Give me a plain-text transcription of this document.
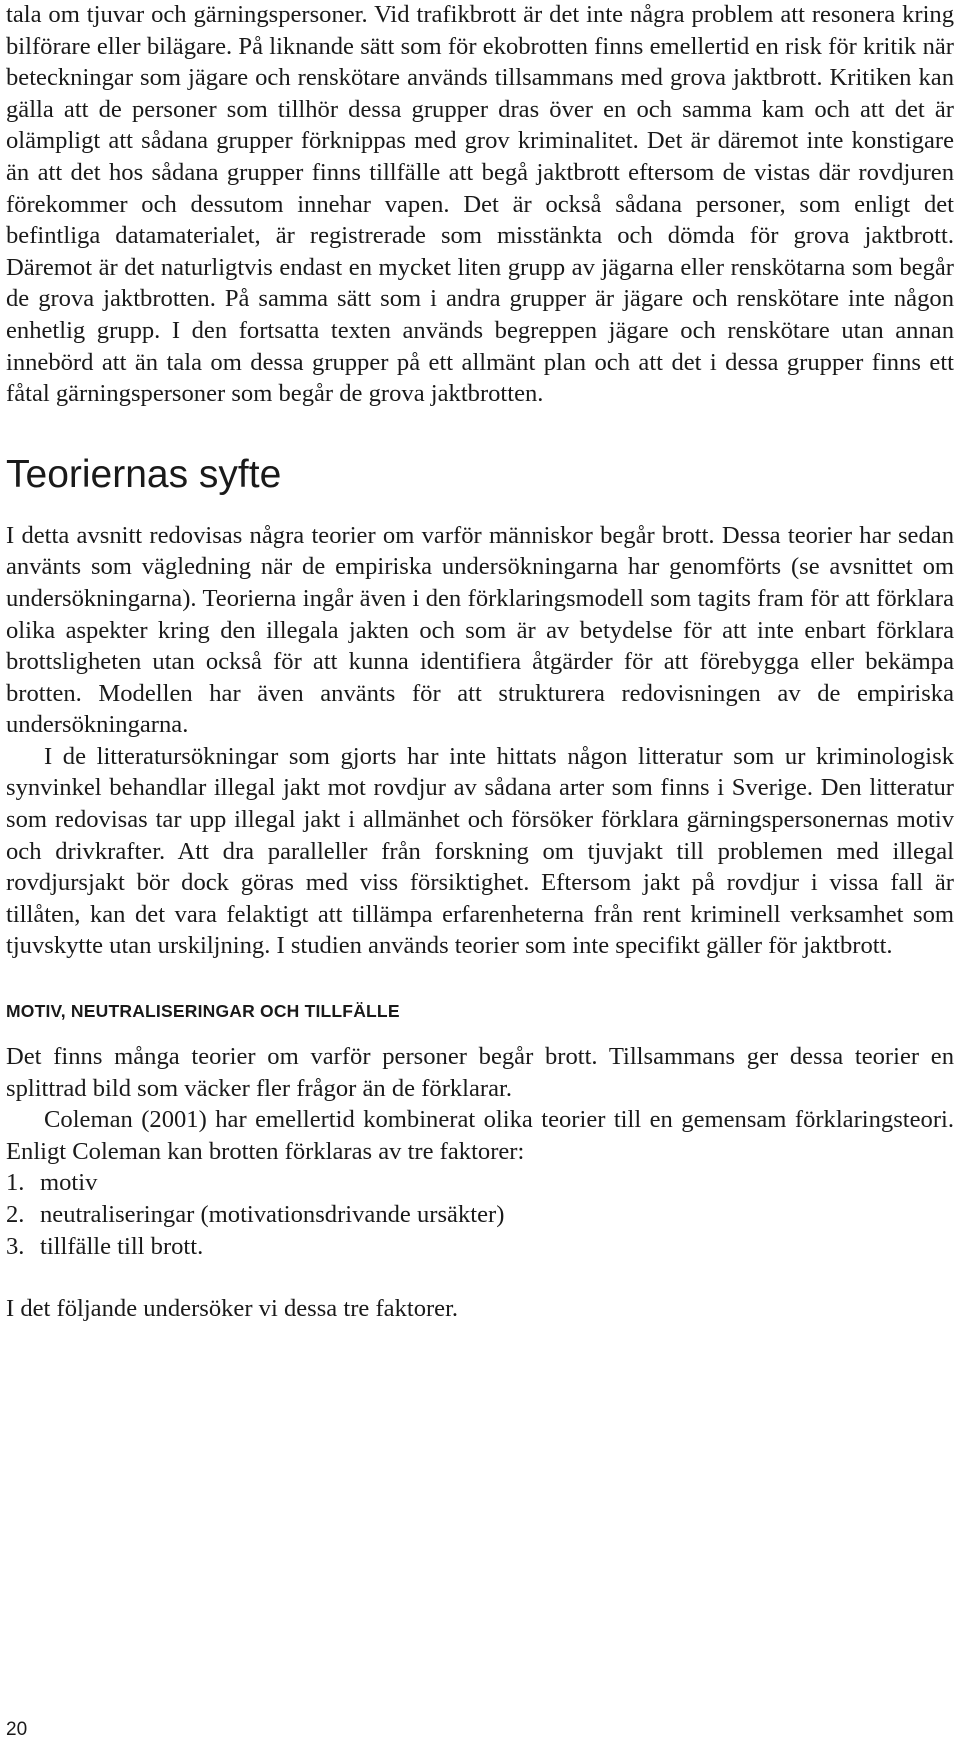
tala om tjuvar och gärningspersoner. Vid trafikbrott är det inte några problem att resonera kring bilförare eller bilägare. På liknande sätt som för ekobrotten finns emellertid en risk för kritik när beteckningar som jägare och renskötare används tillsammans med grova jaktbrott. Kritiken kan gälla att de personer som tillhör dessa grupper dras över en och samma kam och att det är olämpligt att sådana grupper förknippas med grov kriminalitet. Det är däremot inte konstigare än att det hos sådana grupper finns tillfälle att begå jaktbrott eftersom de vistas där rovdjuren förekommer och dessutom innehar vapen. Det är också sådana personer, som enligt det befintliga datamaterialet, är registrerade som misstänkta och dömda för grova jaktbrott. Däremot är det naturligtvis endast en mycket liten grupp av jägarna eller renskötarna som begår de grova jaktbrotten. På samma sätt som i andra grupper är jägare och renskötare inte någon enhetlig grupp. I den fortsatta texten används begreppen jägare och renskötare utan annan innebörd att än tala om dessa grupper på ett allmänt plan och att det i dessa grupper finns ett fåtal gärningspersoner som begår de grova jaktbrotten.

Teoriernas syfte

I detta avsnitt redovisas några teorier om varför människor begår brott. Dessa teorier har sedan använts som vägledning när de empiriska undersökningarna har genomförts (se avsnittet om undersökningarna). Teorierna ingår även i den förklaringsmodell som tagits fram för att förklara olika aspekter kring den illegala jakten och som är av betydelse för att inte enbart förklara brottsligheten utan också för att kunna identifiera åtgärder för att förebygga eller bekämpa brotten. Modellen har även använts för att strukturera redovisningen av de empiriska undersökningarna.

I de litteratursökningar som gjorts har inte hittats någon litteratur som ur kriminologisk synvinkel behandlar illegal jakt mot rovdjur av sådana arter som finns i Sverige. Den litteratur som redovisas tar upp illegal jakt i allmänhet och försöker förklara gärningspersonernas motiv och drivkrafter. Att dra paralleller från forskning om tjuvjakt till problemen med illegal rovdjursjakt bör dock göras med viss försiktighet. Eftersom jakt på rovdjur i vissa fall är tillåten, kan det vara felaktigt att tillämpa erfarenheterna från rent kriminell verksamhet som tjuvskytte utan urskiljning. I studien används teorier som inte specifikt gäller för jaktbrott.

MOTIV, NEUTRALISERINGAR OCH TILLFÄLLE

Det finns många teorier om varför personer begår brott. Tillsammans ger dessa teorier en splittrad bild som väcker fler frågor än de förklarar.

Coleman (2001) har emellertid kombinerat olika teorier till en gemensam förklaringsteori. Enligt Coleman kan brotten förklaras av tre faktorer:

1. motiv
2. neutraliseringar (motivationsdrivande ursäkter)
3. tillfälle till brott.

I det följande undersöker vi dessa tre faktorer.

20
